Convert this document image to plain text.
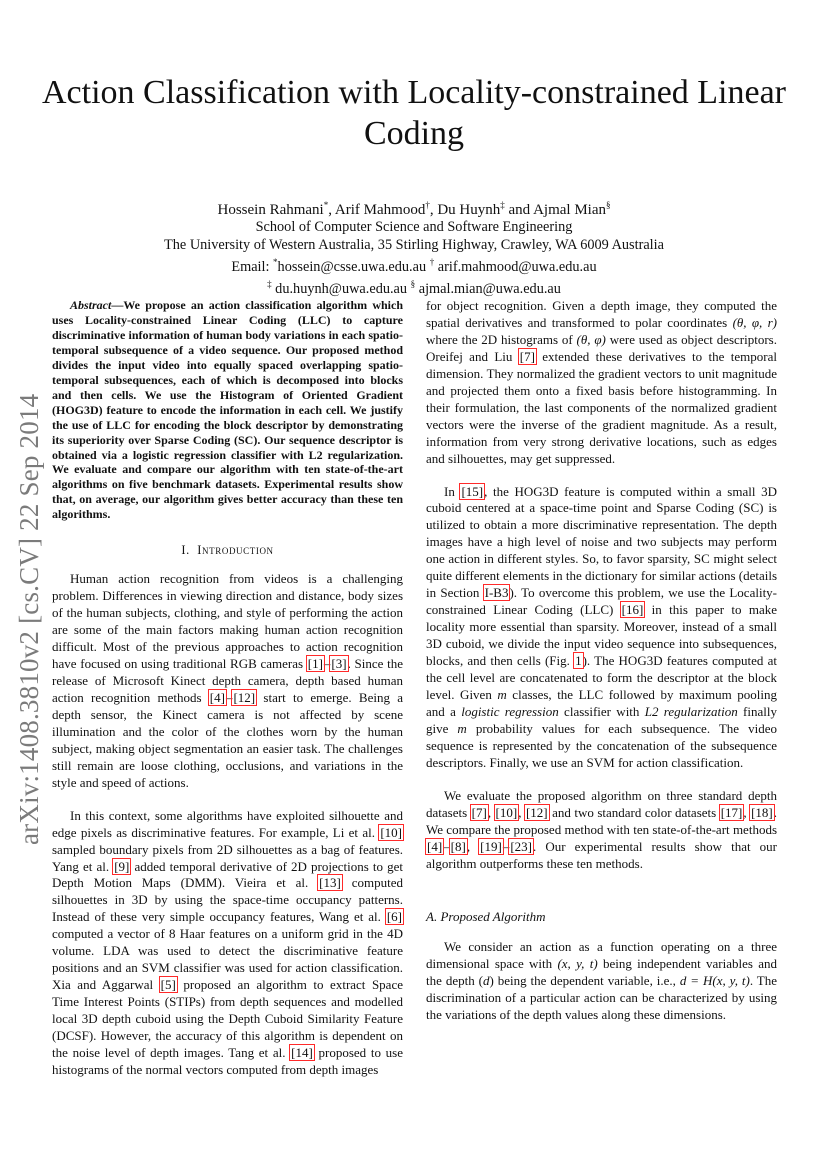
arXiv:1408.3810v2 [cs.CV] 22 Sep 2014
Action Classification with Locality-constrained Linear Coding
Hossein Rahmani*, Arif Mahmood†, Du Huynh‡ and Ajmal Mian§
School of Computer Science and Software Engineering
The University of Western Australia, 35 Stirling Highway, Crawley, WA 6009 Australia
Email: *hossein@csse.uwa.edu.au † arif.mahmood@uwa.edu.au
‡ du.huynh@uwa.edu.au § ajmal.mian@uwa.edu.au

Abstract—We propose an action classification algorithm which uses Locality-constrained Linear Coding (LLC) to capture discriminative information of human body variations in each spatio-temporal subsequence of a video sequence. Our proposed method divides the input video into equally spaced overlapping spatio-temporal subsequences, each of which is decomposed into blocks and then cells. We use the Histogram of Oriented Gradient (HOG3D) feature to encode the information in each cell. We justify the use of LLC for encoding the block descriptor by demonstrating its superiority over Sparse Coding (SC). Our sequence descriptor is obtained via a logistic regression classifier with L2 regularization. We evaluate and compare our algorithm with ten state-of-the-art algorithms on five benchmark datasets. Experimental results show that, on average, our algorithm gives better accuracy than these ten algorithms.

I. Introduction

Human action recognition from videos is a challenging problem. Differences in viewing direction and distance, body sizes of the human subjects, clothing, and style of performing the action are some of the main factors making human action recognition difficult. Most of the previous approaches to action recognition have focused on using traditional RGB cameras [1]–[3]. Since the release of Microsoft Kinect depth camera, depth based human action recognition methods [4]–[12] start to emerge. Being a depth sensor, the Kinect camera is not affected by scene illumination and the color of the clothes worn by the human subject, making object segmentation an easier task. The challenges still remain are loose clothing, occlusions, and variations in the style and speed of actions.

In this context, some algorithms have exploited silhouette and edge pixels as discriminative features. For example, Li et al. [10] sampled boundary pixels from 2D silhouettes as a bag of features. Yang et al. [9] added temporal derivative of 2D projections to get Depth Motion Maps (DMM). Vieira et al. [13] computed silhouettes in 3D by using the space-time occupancy patterns. Instead of these very simple occupancy features, Wang et al. [6] computed a vector of 8 Haar features on a uniform grid in the 4D volume. LDA was used to detect the discriminative feature positions and an SVM classifier was used for action classification. Xia and Aggarwal [5] proposed an algorithm to extract Space Time Interest Points (STIPs) from depth sequences and modelled local 3D depth cuboid using the Depth Cuboid Similarity Feature (DCSF). However, the accuracy of this algorithm is dependent on the noise level of depth images. Tang et al. [14] proposed to use histograms of the normal vectors computed from depth images

for object recognition. Given a depth image, they computed the spatial derivatives and transformed to polar coordinates (θ, φ, r) where the 2D histograms of (θ, φ) were used as object descriptors. Oreifej and Liu [7] extended these derivatives to the temporal dimension. They normalized the gradient vectors to unit magnitude and projected them onto a fixed basis before histogramming. In their formulation, the last components of the normalized gradient vectors were the inverse of the gradient magnitude. As a result, information from very strong derivative locations, such as edges and silhouettes, may get suppressed.

In [15], the HOG3D feature is computed within a small 3D cuboid centered at a space-time point and Sparse Coding (SC) is utilized to obtain a more discriminative representation. The depth images have a high level of noise and two subjects may perform one action in different styles. So, to favor sparsity, SC might select quite different elements in the dictionary for similar actions (details in Section I-B3). To overcome this problem, we use the Locality-constrained Linear Coding (LLC) [16] in this paper to make locality more essential than sparsity. Moreover, instead of a small 3D cuboid, we divide the input video sequence into subsequences, blocks, and then cells (Fig. 1). The HOG3D features computed at the cell level are concatenated to form the descriptor at the block level. Given m classes, the LLC followed by maximum pooling and a logistic regression classifier with L2 regularization finally give m probability values for each subsequence. The video sequence is represented by the concatenation of the subsequence descriptors. Finally, we use an SVM for action classification.

We evaluate the proposed algorithm on three standard depth datasets [7], [10], [12] and two standard color datasets [17], [18]. We compare the proposed method with ten state-of-the-art methods [4]–[8], [19]–[23]. Our experimental results show that our algorithm outperforms these ten methods.

A. Proposed Algorithm

We consider an action as a function operating on a three dimensional space with (x, y, t) being independent variables and the depth (d) being the dependent variable, i.e., d = H(x, y, t). The discrimination of a particular action can be characterized by using the variations of the depth values along these dimensions.
